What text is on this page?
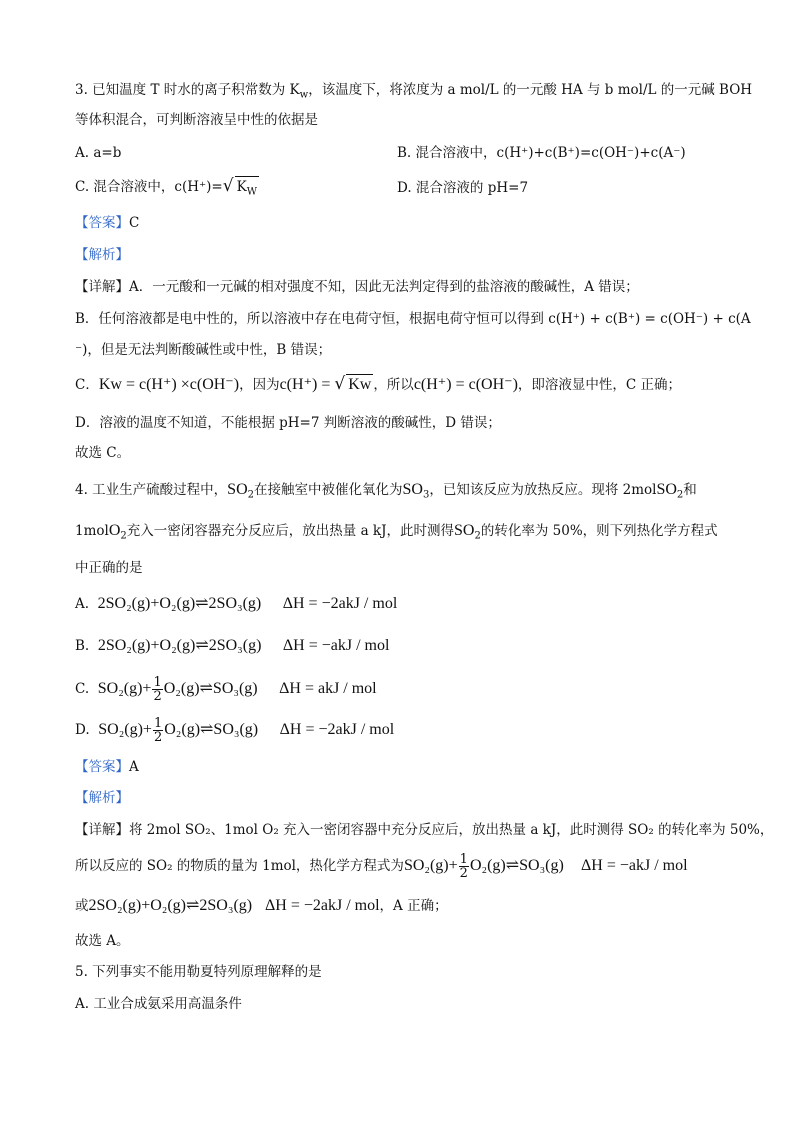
3. 已知温度 T 时水的离子积常数为 $K_w$，该温度下，将浓度为 a mol/L 的一元酸 HA 与 b mol/L 的一元碱 BOH
等体积混合，可判断溶液呈中性的依据是
A. a=b	B. 混合溶液中，c(H⁺)+c(B⁺)=c(OH⁻)+c(A⁻)
C. 混合溶液中，c(H⁺)=√ $K_W$	D. 混合溶液的 pH=7
【答案】C
【解析】
【详解】A．一元酸和一元碱的相对强度不知，因此无法判定得到的盐溶液的酸碱性，A 错误；
B．任何溶液都是电中性的，所以溶液中存在电荷守恒，根据电荷守恒可以得到 c(H⁺) + c(B⁺) = c(OH⁻) + c(A
⁻)，但是无法判断酸碱性或中性，B 错误；
C．Kw = c(H⁺) ×c(OH⁻)，因为c(H⁺) = √ Kw ，所以c(H⁺) = c(OH⁻)，即溶液显中性，C 正确；
D．溶液的温度不知道，不能根据 pH=7 判断溶液的酸碱性，D 错误；
故选 C。
4. 工业生产硫酸过程中，$SO_2$在接触室中被催化氧化为$SO_3$，已知该反应为放热反应。现将 2molSO$_2$和
1molO$_2$充入一密闭容器充分反应后，放出热量 a kJ，此时测得$SO_2$的转化率为 50%，则下列热化学方程式
中正确的是
A. 2SO₂(g)+O₂(g)⇌2SO₃(g) ΔH = −2akJ / mol
B. 2SO₂(g)+O₂(g)⇌2SO₃(g) ΔH = −akJ / mol
C. $SO_2(g)+ \frac{1}{2}$ O₂(g)⇌SO₃(g) ΔH = akJ / mol
D. $SO_2(g)+ \frac{1}{2}$ O₂(g)⇌SO₃(g) ΔH = −2akJ / mol
【答案】A
【解析】
【详解】将 2mol SO₂、1mol O₂ 充入一密闭容器中充分反应后，放出热量 a kJ，此时测得 SO₂ 的转化率为 50%，
所以反应的 SO₂ 的物质的量为 1mol，热化学方程式为$SO_2(g)+ \frac{1}{2}$ O₂(g)⇌SO₃(g) ΔH = −akJ / mol
或2SO₂(g)+O₂(g)⇌2SO₃(g) ΔH = −2akJ / mol，A 正确；
故选 A。
5. 下列事实不能用勒夏特列原理解释的是
A. 工业合成氨采用高温条件
